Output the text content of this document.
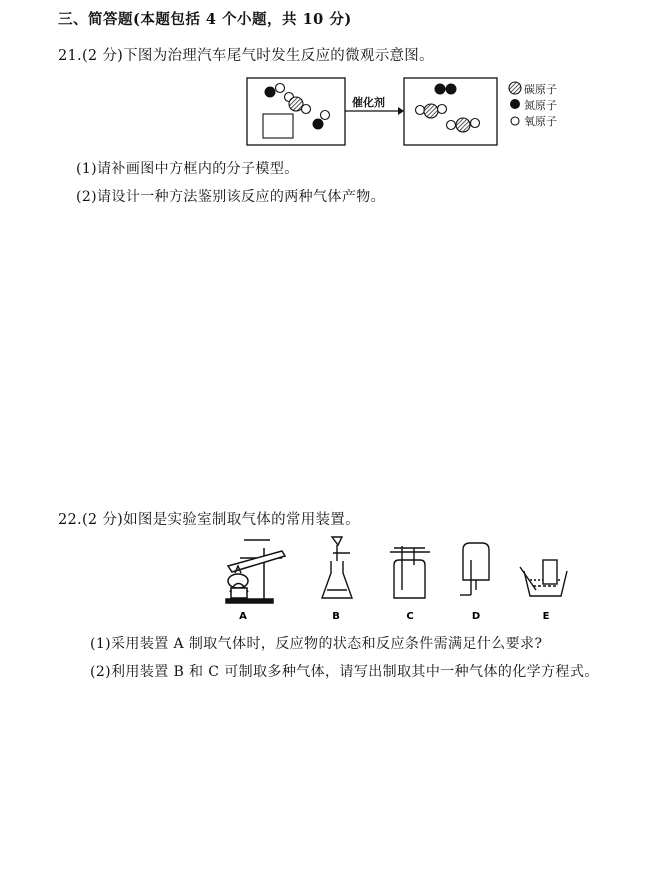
三、简答题(本题包括 4 个小题，共 10 分)
21.(2 分)下图为治理汽车尾气时发生反应的微观示意图。
催化剂
碳原子
氮原子
氧原子
(1)请补画图中方框内的分子模型。
(2)请设计一种方法鉴别该反应的两种气体产物。
22.(2 分)如图是实验室制取气体的常用装置。
A	B	C	D	E
(1)采用装置 A 制取气体时，反应物的状态和反应条件需满足什么要求?
(2)利用装置 B 和 C 可制取多种气体，请写出制取其中一种气体的化学方程式。
